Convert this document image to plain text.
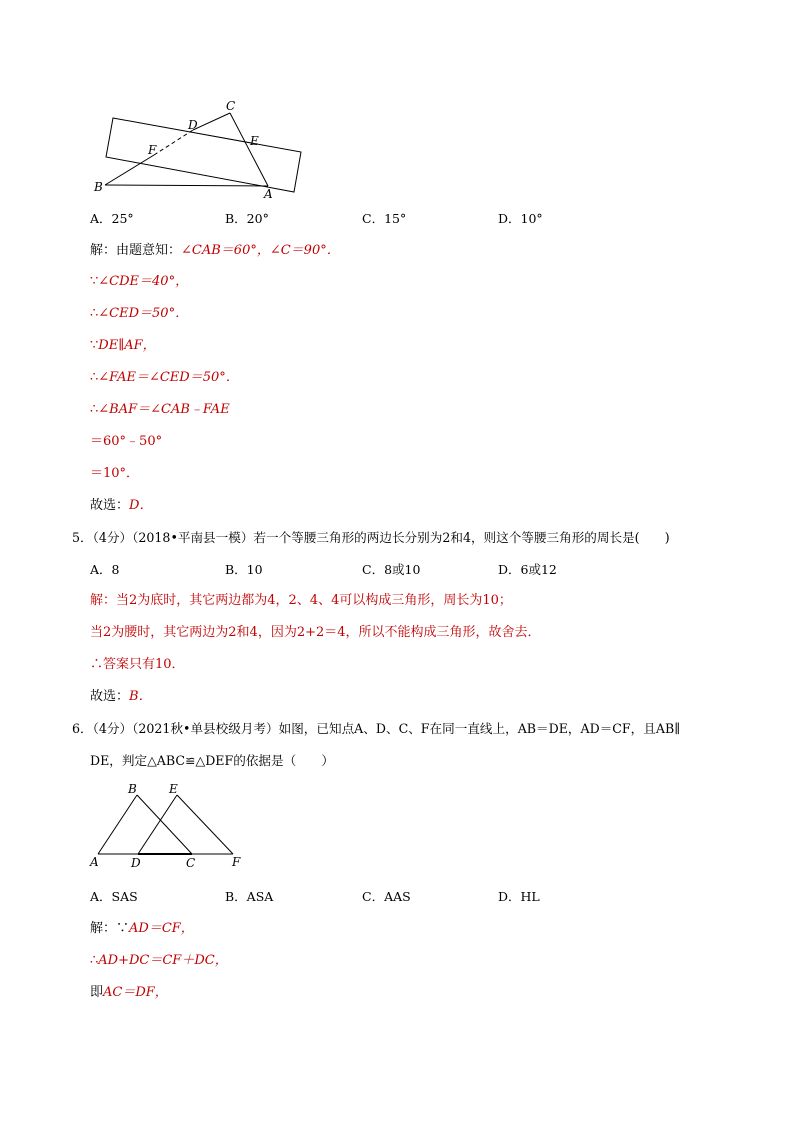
C
D
E
F
B	A
A．25°	B．20°	C．15°	D．10°
解：由题意知：∠CAB＝60°，∠C＝90°．
∵∠CDE＝40°，
∴∠CED＝50°．
∵DE∥AF，
∴∠FAE＝∠CED＝50°．
∴∠BAF＝∠CAB﹣FAE
＝60°﹣50°
＝10°．
故选：D．
5．（4分）（2018•平南县一模）若一个等腰三角形的两边长分别为2和4，则这个等腰三角形的周长是(　　)
A．8	B．10	C．8或10	D．6或12
解：当2为底时，其它两边都为4，2、4、4可以构成三角形，周长为10；
当2为腰时，其它两边为2和4，因为2+2＝4，所以不能构成三角形，故舍去．
∴答案只有10．
故选：B．
6．（4分）（2021秋•单县校级月考）如图，已知点A、D、C、F在同一直线上，AB＝DE，AD＝CF，且AB∥
DE，判定△ABC≌△DEF的依据是（　　）
B	E
A	D	C	F
A．SAS	B．ASA	C．AAS	D．HL
解：∵AD＝CF，
∴AD+DC＝CF＋DC，
即AC＝DF，
